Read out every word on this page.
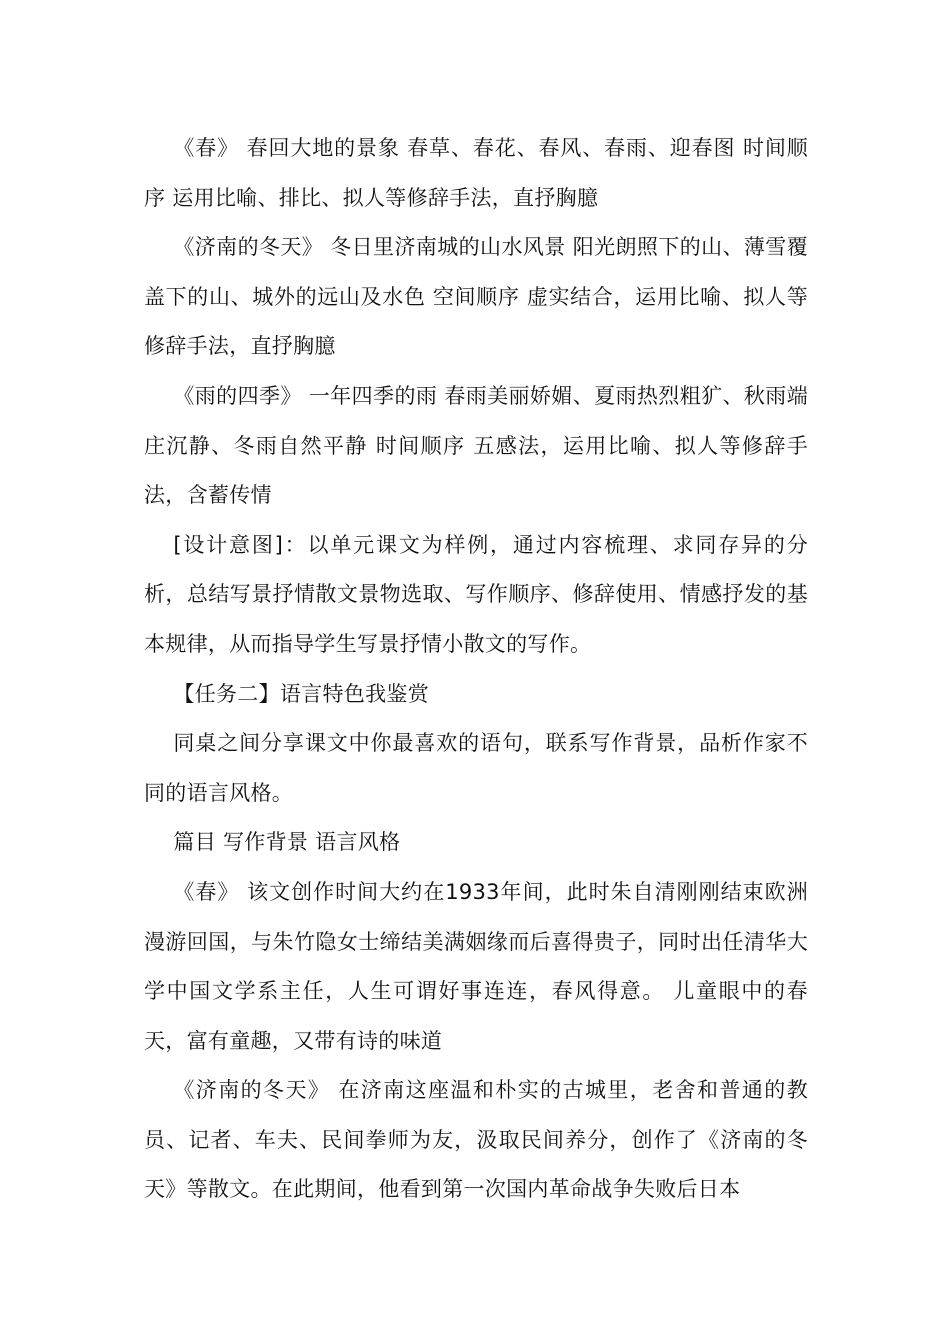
《春》 春回大地的景象 春草、春花、春风、春雨、迎春图 时间顺序 运用比喻、排比、拟人等修辞手法，直抒胸臆

《济南的冬天》 冬日里济南城的山水风景 阳光朗照下的山、薄雪覆盖下的山、城外的远山及水色 空间顺序 虚实结合，运用比喻、拟人等修辞手法，直抒胸臆

《雨的四季》 一年四季的雨 春雨美丽娇媚、夏雨热烈粗犷、秋雨端庄沉静、冬雨自然平静 时间顺序 五感法，运用比喻、拟人等修辞手法，含蓄传情

[设计意图]：以单元课文为样例，通过内容梳理、求同存异的分析，总结写景抒情散文景物选取、写作顺序、修辞使用、情感抒发的基本规律，从而指导学生写景抒情小散文的写作。

【任务二】语言特色我鉴赏

同桌之间分享课文中你最喜欢的语句，联系写作背景，品析作家不同的语言风格。

篇目 写作背景 语言风格

《春》 该文创作时间大约在1933年间，此时朱自清刚刚结束欧洲漫游回国，与朱竹隐女士缔结美满姻缘而后喜得贵子，同时出任清华大学中国文学系主任，人生可谓好事连连，春风得意。 儿童眼中的春天，富有童趣，又带有诗的味道

《济南的冬天》 在济南这座温和朴实的古城里，老舍和普通的教员、记者、车夫、民间拳师为友，汲取民间养分，创作了《济南的冬天》等散文。在此期间，他看到第一次国内革命战争失败后日本
